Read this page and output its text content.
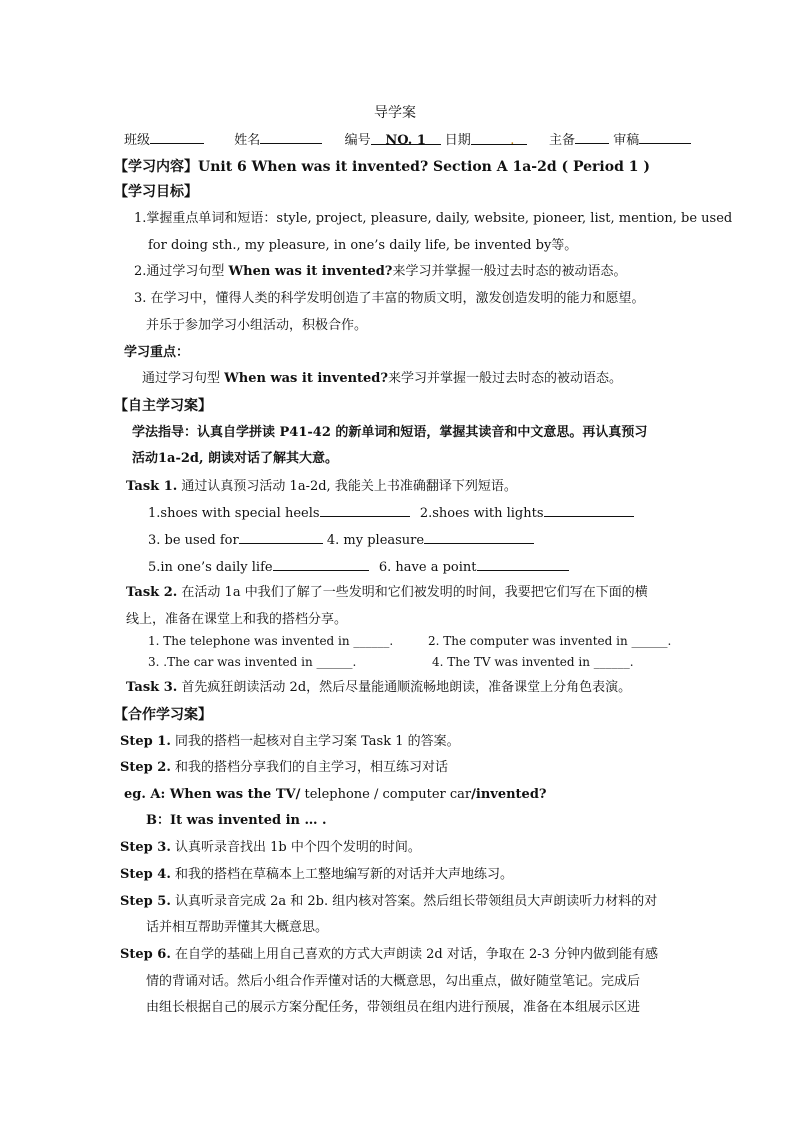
导学案
班级	姓名	编号 NO. 1 日期	.	主备	审稿
【学习内容】Unit 6 When was it invented? Section A 1a-2d ( Period 1 )
【学习目标】
1.掌握重点单词和短语：style, project, pleasure, daily, website, pioneer, list, mention, be used
for doing sth., my pleasure, in one’s daily life, be invented by等。
2.通过学习句型 When was it invented?来学习并掌握一般过去时态的被动语态。
3. 在学习中，懂得人类的科学发明创造了丰富的物质文明，激发创造发明的能力和愿望。
并乐于参加学习小组活动，积极合作。
学习重点：
通过学习句型 When was it invented?来学习并掌握一般过去时态的被动语态。
【自主学习案】
学法指导：认真自学拼读 P41-42 的新单词和短语，掌握其读音和中文意思。再认真预习
活动1a-2d, 朗读对话了解其大意。
Task 1. 通过认真预习活动 1a-2d, 我能关上书准确翻译下列短语。
1.shoes with special heels	2.shoes with lights
3. be used for	4. my pleasure
5.in one’s daily life	6. have a point
Task 2. 在活动 1a 中我们了解了一些发明和它们被发明的时间，我要把它们写在下面的横
线上，准备在课堂上和我的搭档分享。
1. The telephone was invented in ______.	2. The computer was invented in ______.
3. .The car was invented in ______.	4. The TV was invented in ______.
Task 3. 首先疯狂朗读活动 2d，然后尽量能通顺流畅地朗读，准备课堂上分角色表演。
【合作学习案】
Step 1. 同我的搭档一起核对自主学习案 Task 1 的答案。
Step 2. 和我的搭档分享我们的自主学习，相互练习对话
eg. A: When was the TV/ telephone / computer car/invented?
B：It was invented in … .
Step 3. 认真听录音找出 1b 中个四个发明的时间。
Step 4. 和我的搭档在草稿本上工整地编写新的对话并大声地练习。
Step 5. 认真听录音完成 2a 和 2b. 组内核对答案。然后组长带领组员大声朗读听力材料的对
话并相互帮助弄懂其大概意思。
Step 6. 在自学的基础上用自己喜欢的方式大声朗读 2d 对话，争取在 2-3 分钟内做到能有感
情的背诵对话。然后小组合作弄懂对话的大概意思，勾出重点，做好随堂笔记。完成后
由组长根据自己的展示方案分配任务，带领组员在组内进行预展，准备在本组展示区进
